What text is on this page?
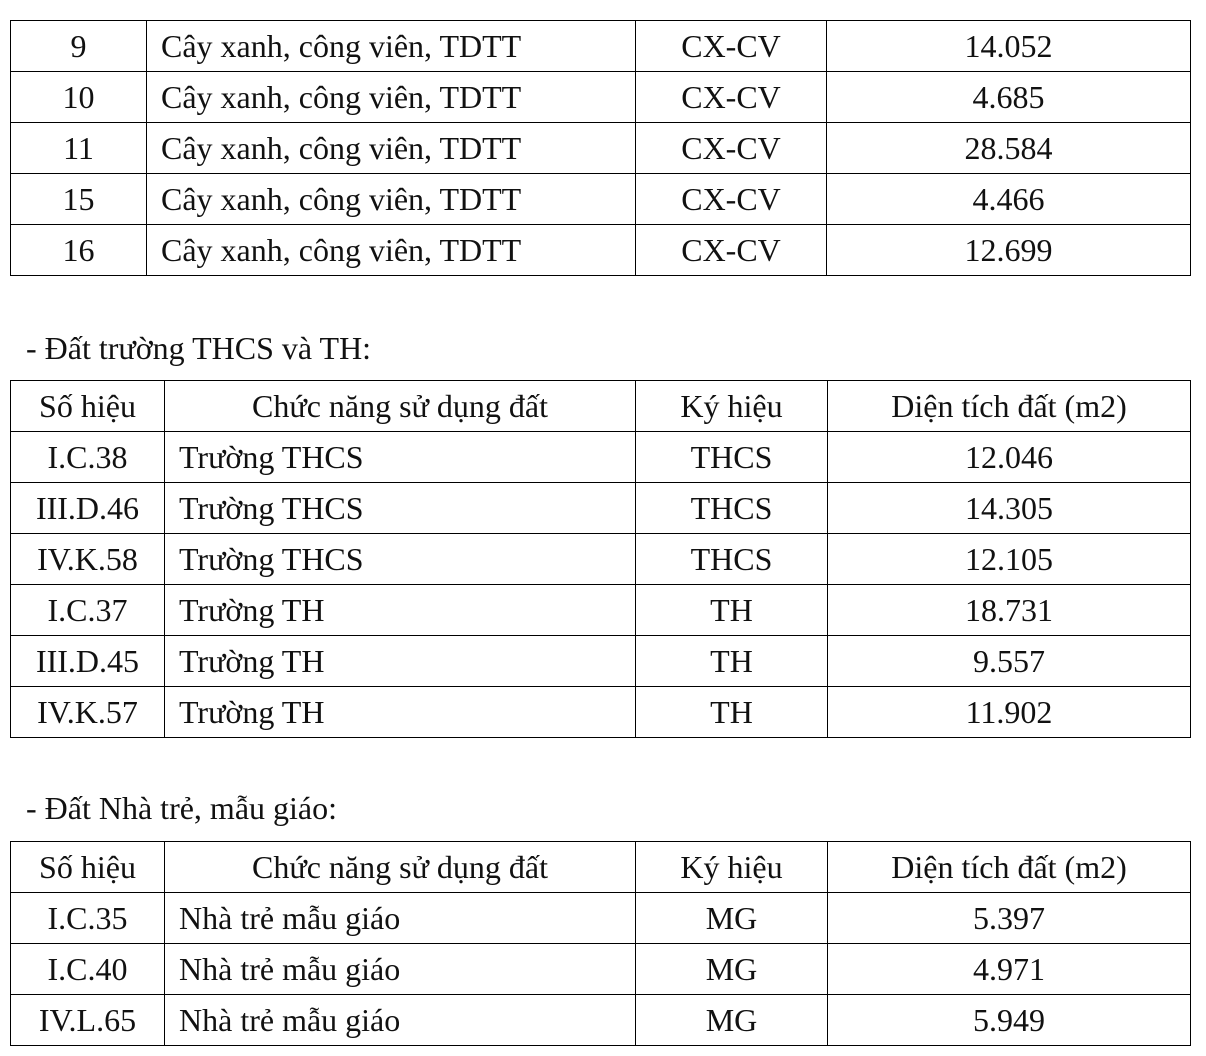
9	Cây xanh, công viên, TDTT	CX-CV	14.052
10	Cây xanh, công viên, TDTT	CX-CV	4.685
11	Cây xanh, công viên, TDTT	CX-CV	28.584
15	Cây xanh, công viên, TDTT	CX-CV	4.466
16	Cây xanh, công viên, TDTT	CX-CV	12.699

- Đất trường THCS và TH:

Số hiệu	Chức năng sử dụng đất	Ký hiệu	Diện tích đất (m2)
I.C.38	Trường THCS	THCS	12.046
III.D.46	Trường THCS	THCS	14.305
IV.K.58	Trường THCS	THCS	12.105
I.C.37	Trường TH	TH	18.731
III.D.45	Trường TH	TH	9.557
IV.K.57	Trường TH	TH	11.902

- Đất Nhà trẻ, mẫu giáo:

Số hiệu	Chức năng sử dụng đất	Ký hiệu	Diện tích đất (m2)
I.C.35	Nhà trẻ mẫu giáo	MG	5.397
I.C.40	Nhà trẻ mẫu giáo	MG	4.971
IV.L.65	Nhà trẻ mẫu giáo	MG	5.949
